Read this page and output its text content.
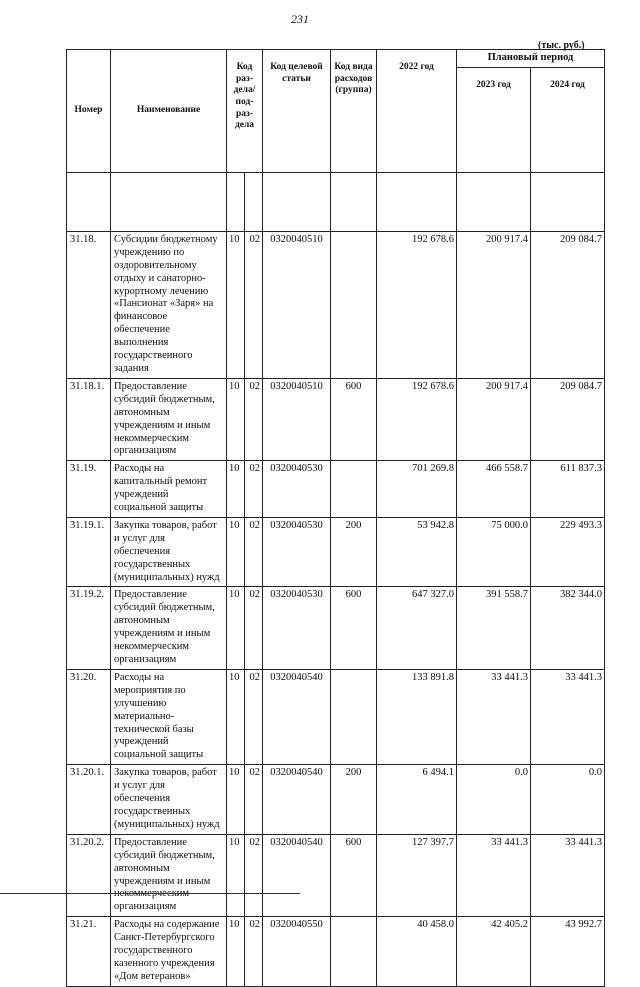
231
(тыс. руб.)
Номер	Наименование	Код раз-дела/ под-раз-дела		Код целевой статьи	Код вида расходов (группа)	2022 год	Плановый период	
							2023 год	2024 год

31.18.	Субсидии бюджетному учреждению по оздоровительному отдыху и санаторно-курортному лечению «Пансионат «Заря» на финансовое обеспечение выполнения государственного задания	10	02	0320040510		192 678.6	200 917.4	209 084.7
31.18.1.	Предоставление субсидий бюджетным, автономным учреждениям и иным некоммерческим организациям	10	02	0320040510	600	192 678.6	200 917.4	209 084.7
31.19.	Расходы на капитальный ремонт учреждений социальной защиты	10	02	0320040530		701 269.8	466 558.7	611 837.3
31.19.1.	Закупка товаров, работ и услуг для обеспечения государственных (муниципальных) нужд	10	02	0320040530	200	53 942.8	75 000.0	229 493.3
31.19.2.	Предоставление субсидий бюджетным, автономным учреждениям и иным некоммерческим организациям	10	02	0320040530	600	647 327.0	391 558.7	382 344.0
31.20.	Расходы на мероприятия по улучшению материально-технической базы учреждений социальной защиты	10	02	0320040540		133 891.8	33 441.3	33 441.3
31.20.1.	Закупка товаров, работ и услуг для обеспечения государственных (муниципальных) нужд	10	02	0320040540	200	6 494.1	0.0	0.0
31.20.2.	Предоставление субсидий бюджетным, автономным учреждениям и иным организациям	10	02	0320040540	600	127 397.7	33 441.3	33 441.3
31.21.	Расходы на содержание Санкт-Петербургского государственного казенного учреждения «Дом ветеранов»	10	02	0320040550		40 458.0	42 405.2	43 992.7
